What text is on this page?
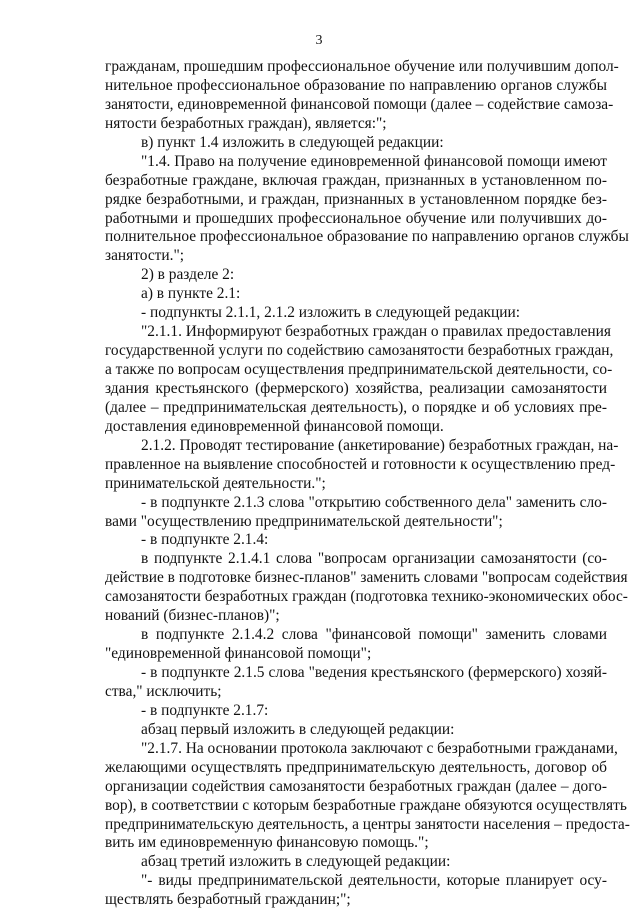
3
гражданам, прошедшим профессиональное обучение или получившим допол-
нительное профессиональное образование по направлению органов службы
занятости, единовременной финансовой помощи (далее – содействие самоза-
нятости безработных граждан), является:";
в) пункт 1.4 изложить в следующей редакции:
"1.4. Право на получение единовременной финансовой помощи имеют
безработные граждане, включая граждан, признанных в установленном по-
рядке безработными, и граждан, признанных в установленном порядке без-
работными и прошедших профессиональное обучение или получивших до-
полнительное профессиональное образование по направлению органов службы
занятости.";
2) в разделе 2:
а) в пункте 2.1:
- подпункты 2.1.1, 2.1.2 изложить в следующей редакции:
"2.1.1. Информируют безработных граждан о правилах предоставления
государственной услуги по содействию самозанятости безработных граждан,
а также по вопросам осуществления предпринимательской деятельности, со-
здания крестьянского (фермерского) хозяйства, реализации самозанятости
(далее – предпринимательская деятельность), о порядке и об условиях пре-
доставления единовременной финансовой помощи.
2.1.2. Проводят тестирование (анкетирование) безработных граждан, на-
правленное на выявление способностей и готовности к осуществлению пред-
принимательской деятельности.";
- в подпункте 2.1.3 слова "открытию собственного дела" заменить сло-
вами "осуществлению предпринимательской деятельности";
- в подпункте 2.1.4:
в подпункте 2.1.4.1 слова "вопросам организации самозанятости (со-
действие в подготовке бизнес-планов" заменить словами "вопросам содействия
самозанятости безработных граждан (подготовка технико-экономических обос-
нований (бизнес-планов)";
в подпункте 2.1.4.2 слова "финансовой помощи" заменить словами
"единовременной финансовой помощи";
- в подпункте 2.1.5 слова "ведения крестьянского (фермерского) хозяй-
ства," исключить;
- в подпункте 2.1.7:
абзац первый изложить в следующей редакции:
"2.1.7. На основании протокола заключают с безработными гражданами,
желающими осуществлять предпринимательскую деятельность, договор об
организации содействия самозанятости безработных граждан (далее – дого-
вор), в соответствии с которым безработные граждане обязуются осуществлять
предпринимательскую деятельность, а центры занятости населения – предоста-
вить им единовременную финансовую помощь.";
абзац третий изложить в следующей редакции:
"- виды предпринимательской деятельности, которые планирует осу-
ществлять безработный гражданин;";
